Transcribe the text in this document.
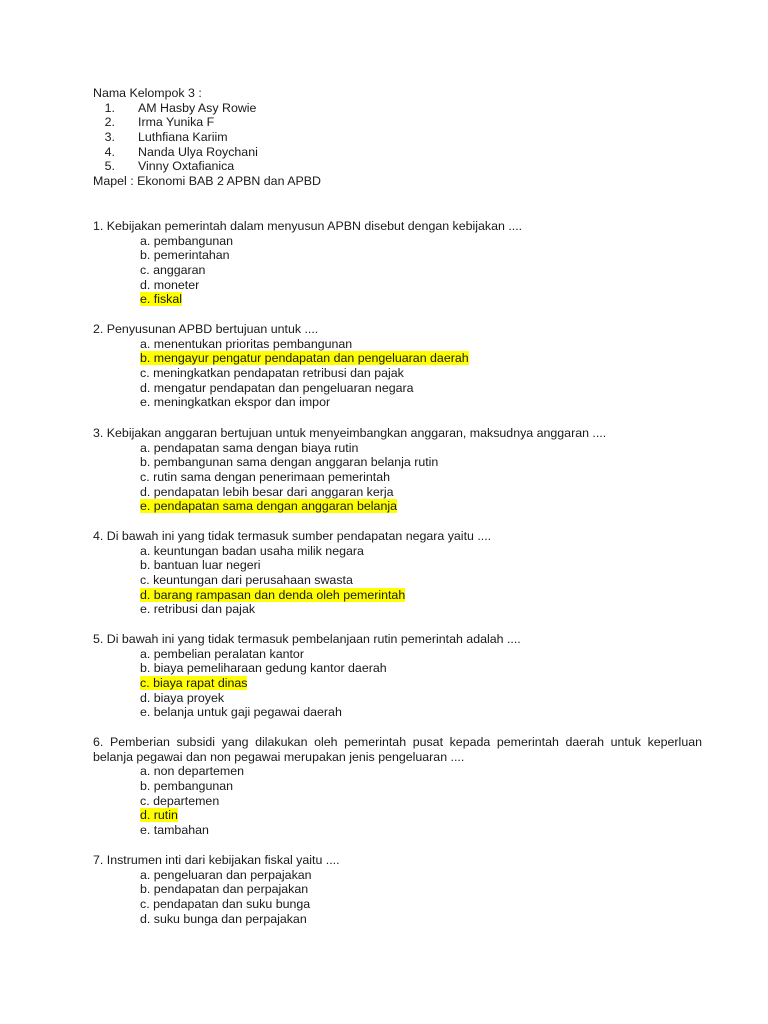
Nama Kelompok 3 :
1.	AM Hasby Asy Rowie
2.	Irma Yunika F
3.	Luthfiana Kariim
4.	Nanda Ulya Roychani
5.	Vinny Oxtafianica
Mapel : Ekonomi BAB 2 APBN dan APBD
1. Kebijakan pemerintah dalam menyusun APBN disebut dengan kebijakan ....
a. pembangunan
b. pemerintahan
c. anggaran
d. moneter
e. fiskal
2. Penyusunan APBD bertujuan untuk ....
a. menentukan prioritas pembangunan
b. mengayur pengatur pendapatan dan pengeluaran daerah
c. meningkatkan pendapatan retribusi dan pajak
d. mengatur pendapatan dan pengeluaran negara
e. meningkatkan ekspor dan impor
3. Kebijakan anggaran bertujuan untuk menyeimbangkan anggaran, maksudnya anggaran ....
a. pendapatan sama dengan biaya rutin
b. pembangunan sama dengan anggaran belanja rutin
c. rutin sama dengan penerimaan pemerintah
d. pendapatan lebih besar dari anggaran kerja
e. pendapatan sama dengan anggaran belanja
4. Di bawah ini yang tidak termasuk sumber pendapatan negara yaitu ....
a. keuntungan badan usaha milik negara
b. bantuan luar negeri
c. keuntungan dari perusahaan swasta
d. barang rampasan dan denda oleh pemerintah
e. retribusi dan pajak
5. Di bawah ini yang tidak termasuk pembelanjaan rutin pemerintah adalah ....
a. pembelian peralatan kantor
b. biaya pemeliharaan gedung kantor daerah
c. biaya rapat dinas
d. biaya proyek
e. belanja untuk gaji pegawai daerah
6. Pemberian subsidi yang dilakukan oleh pemerintah pusat kepada pemerintah daerah untuk keperluan belanja pegawai dan non pegawai merupakan jenis pengeluaran ....
a. non departemen
b. pembangunan
c. departemen
d. rutin
e. tambahan
7. Instrumen inti dari kebijakan fiskal yaitu ....
a. pengeluaran dan perpajakan
b. pendapatan dan perpajakan
c. pendapatan dan suku bunga
d. suku bunga dan perpajakan
